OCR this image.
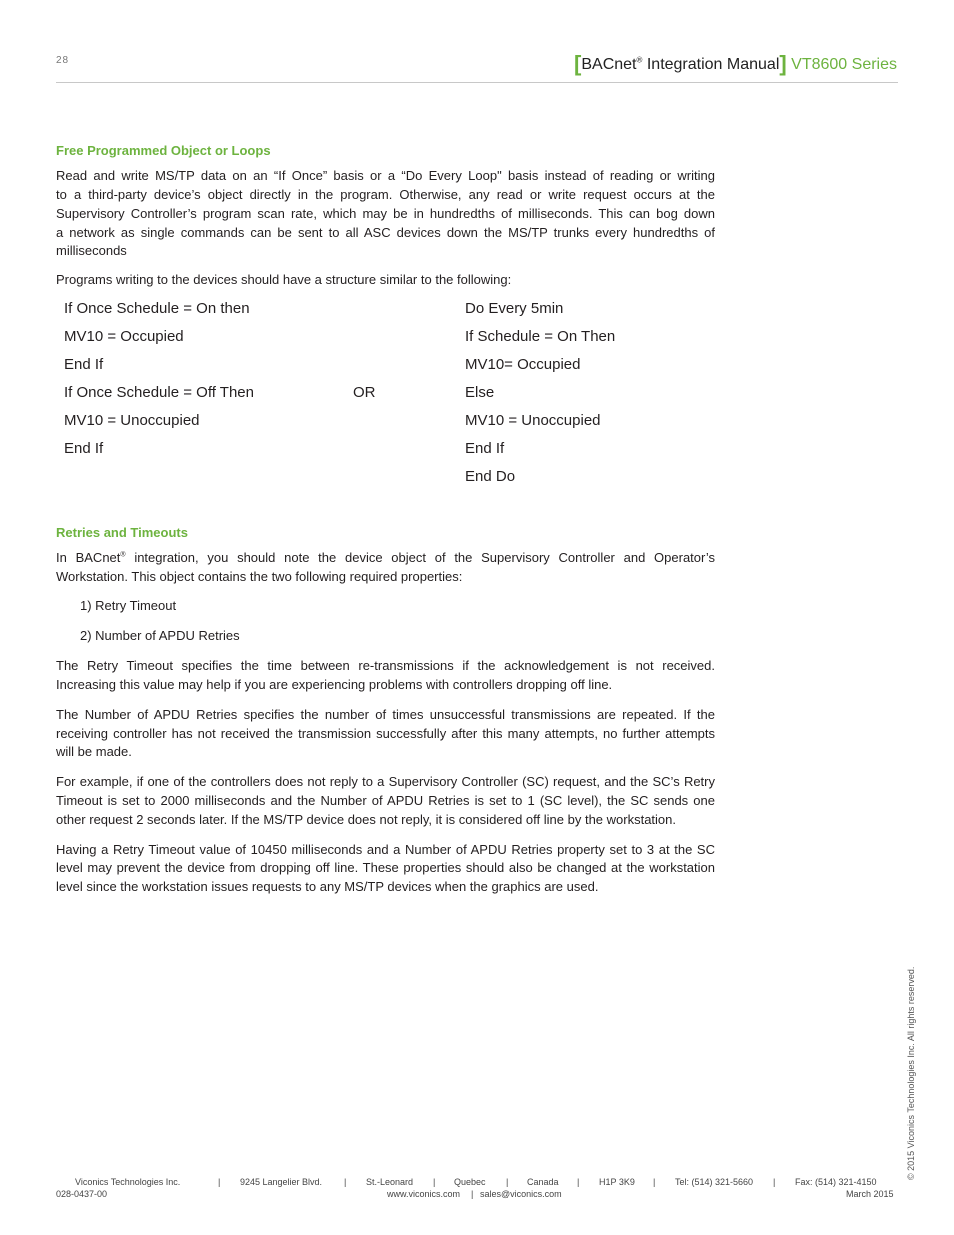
28	[BACnet® Integration Manual] VT8600 Series
Free Programmed Object or Loops
Read and write MS/TP data on an “If Once” basis or a “Do Every Loop" basis instead of reading or writing
to a third-party device’s object directly in the program. Otherwise, any read or write request occurs at the
Supervisory Controller’s program scan rate, which may be in hundredths of milliseconds. This can bog down
a network as single commands can be sent to all ASC devices down the MS/TP trunks every hundredths of
milliseconds
Programs writing to the devices should have a structure similar to the following:
If Once Schedule = On then
MV10 = Occupied
End If
If Once Schedule = Off Then
MV10 = Unoccupied
End If
OR
Do Every 5min
If Schedule = On Then
MV10= Occupied
Else
MV10 = Unoccupied
End If
End Do
Retries and Timeouts
In BACnet® integration, you should note the device object of the Supervisory Controller and Operator’s
Workstation. This object contains the two following required properties:
1) Retry Timeout
2) Number of APDU Retries
The Retry Timeout specifies the time between re-transmissions if the acknowledgement is not received.
Increasing this value may help if you are experiencing problems with controllers dropping off line.
The Number of APDU Retries specifies the number of times unsuccessful transmissions are repeated. If the
receiving controller has not received the transmission successfully after this many attempts, no further attempts
will be made.
For example, if one of the controllers does not reply to a Supervisory Controller (SC) request, and the SC’s Retry
Timeout is set to 2000 milliseconds and the Number of APDU Retries is set to 1 (SC level), the SC sends one
other request 2 seconds later. If the MS/TP device does not reply, it is considered off line by the workstation.
Having a Retry Timeout value of 10450 milliseconds and a Number of APDU Retries property set to 3 at the SC
level may prevent the device from dropping off line. These properties should also be changed at the workstation
level since the workstation issues requests to any MS/TP devices when the graphics are used.
© 2015 Viconics Technologies Inc. All rights reserved.
Viconics Technologies Inc.	| 9245 Langelier Blvd. | St.-Leonard | Quebec | Canada | H1P 3K9 | Tel: (514) 321-5660 | Fax: (514) 321-4150
028-0437-00	www.viconics.com | sales@viconics.com	March 2015
